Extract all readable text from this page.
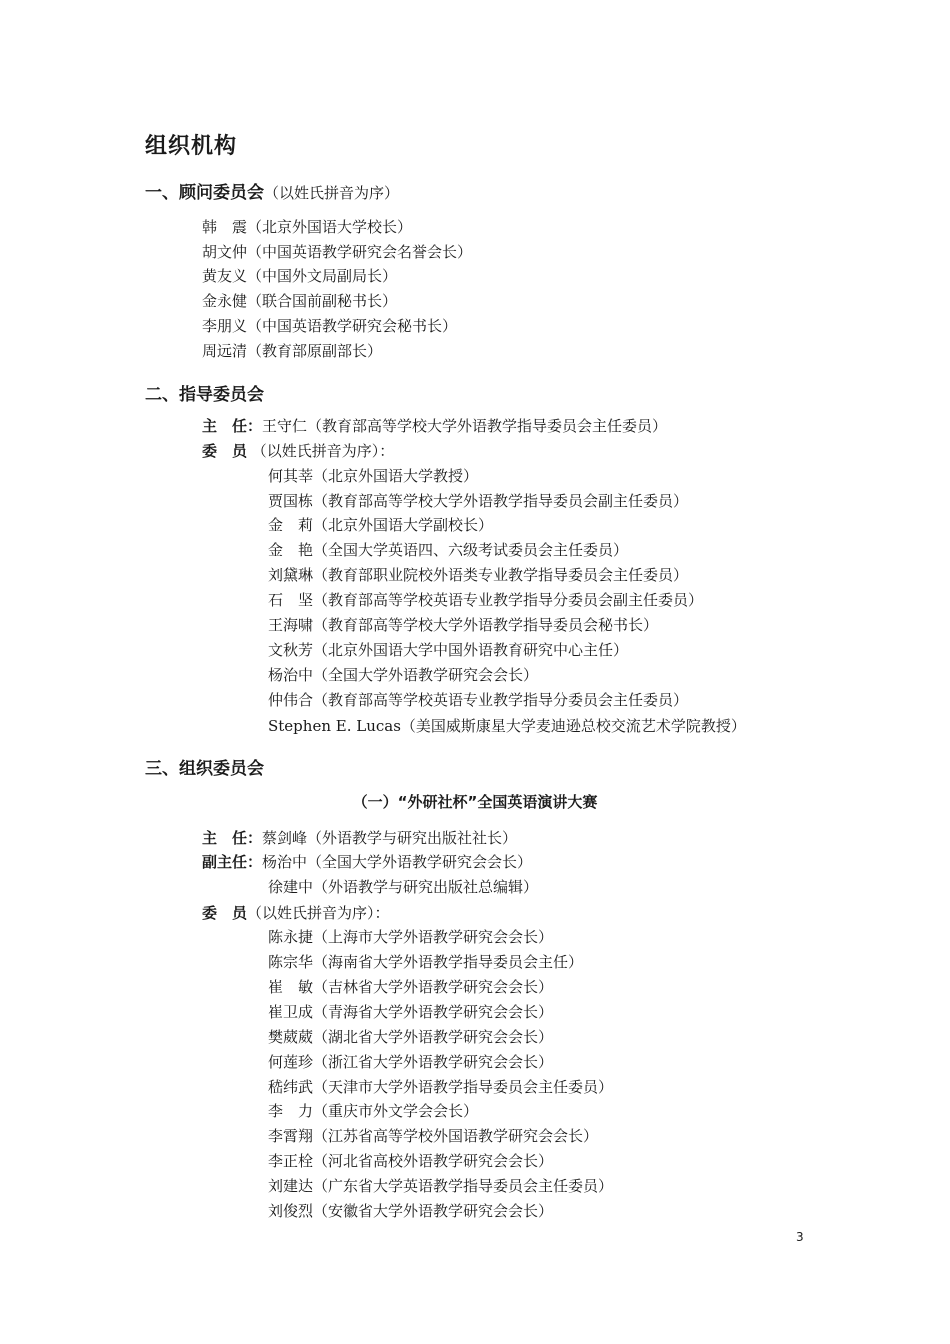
组织机构
一、顾问委员会（以姓氏拼音为序）
韩　震（北京外国语大学校长）
胡文仲（中国英语教学研究会名誉会长）
黄友义（中国外文局副局长）
金永健（联合国前副秘书长）
李朋义（中国英语教学研究会秘书长）
周远清（教育部原副部长）
二、指导委员会
主　任：王守仁（教育部高等学校大学外语教学指导委员会主任委员）
委　员 （以姓氏拼音为序）：
何其莘（北京外国语大学教授）
贾国栋（教育部高等学校大学外语教学指导委员会副主任委员）
金　莉（北京外国语大学副校长）
金　艳（全国大学英语四、六级考试委员会主任委员）
刘黛琳（教育部职业院校外语类专业教学指导委员会主任委员）
石　坚（教育部高等学校英语专业教学指导分委员会副主任委员）
王海啸（教育部高等学校大学外语教学指导委员会秘书长）
文秋芳（北京外国语大学中国外语教育研究中心主任）
杨治中（全国大学外语教学研究会会长）
仲伟合（教育部高等学校英语专业教学指导分委员会主任委员）
Stephen E. Lucas（美国威斯康星大学麦迪逊总校交流艺术学院教授）
三、组织委员会
（一）“外研社杯”全国英语演讲大赛
主　任：蔡剑峰（外语教学与研究出版社社长）
副主任：杨治中（全国大学外语教学研究会会长）
徐建中（外语教学与研究出版社总编辑）
委　员（以姓氏拼音为序）：
陈永捷（上海市大学外语教学研究会会长）
陈宗华（海南省大学外语教学指导委员会主任）
崔　敏（吉林省大学外语教学研究会会长）
崔卫成（青海省大学外语教学研究会会长）
樊葳葳（湖北省大学外语教学研究会会长）
何莲珍（浙江省大学外语教学研究会会长）
嵇纬武（天津市大学外语教学指导委员会主任委员）
李　力（重庆市外文学会会长）
李霄翔（江苏省高等学校外国语教学研究会会长）
李正栓（河北省高校外语教学研究会会长）
刘建达（广东省大学英语教学指导委员会主任委员）
刘俊烈（安徽省大学外语教学研究会会长）
3
